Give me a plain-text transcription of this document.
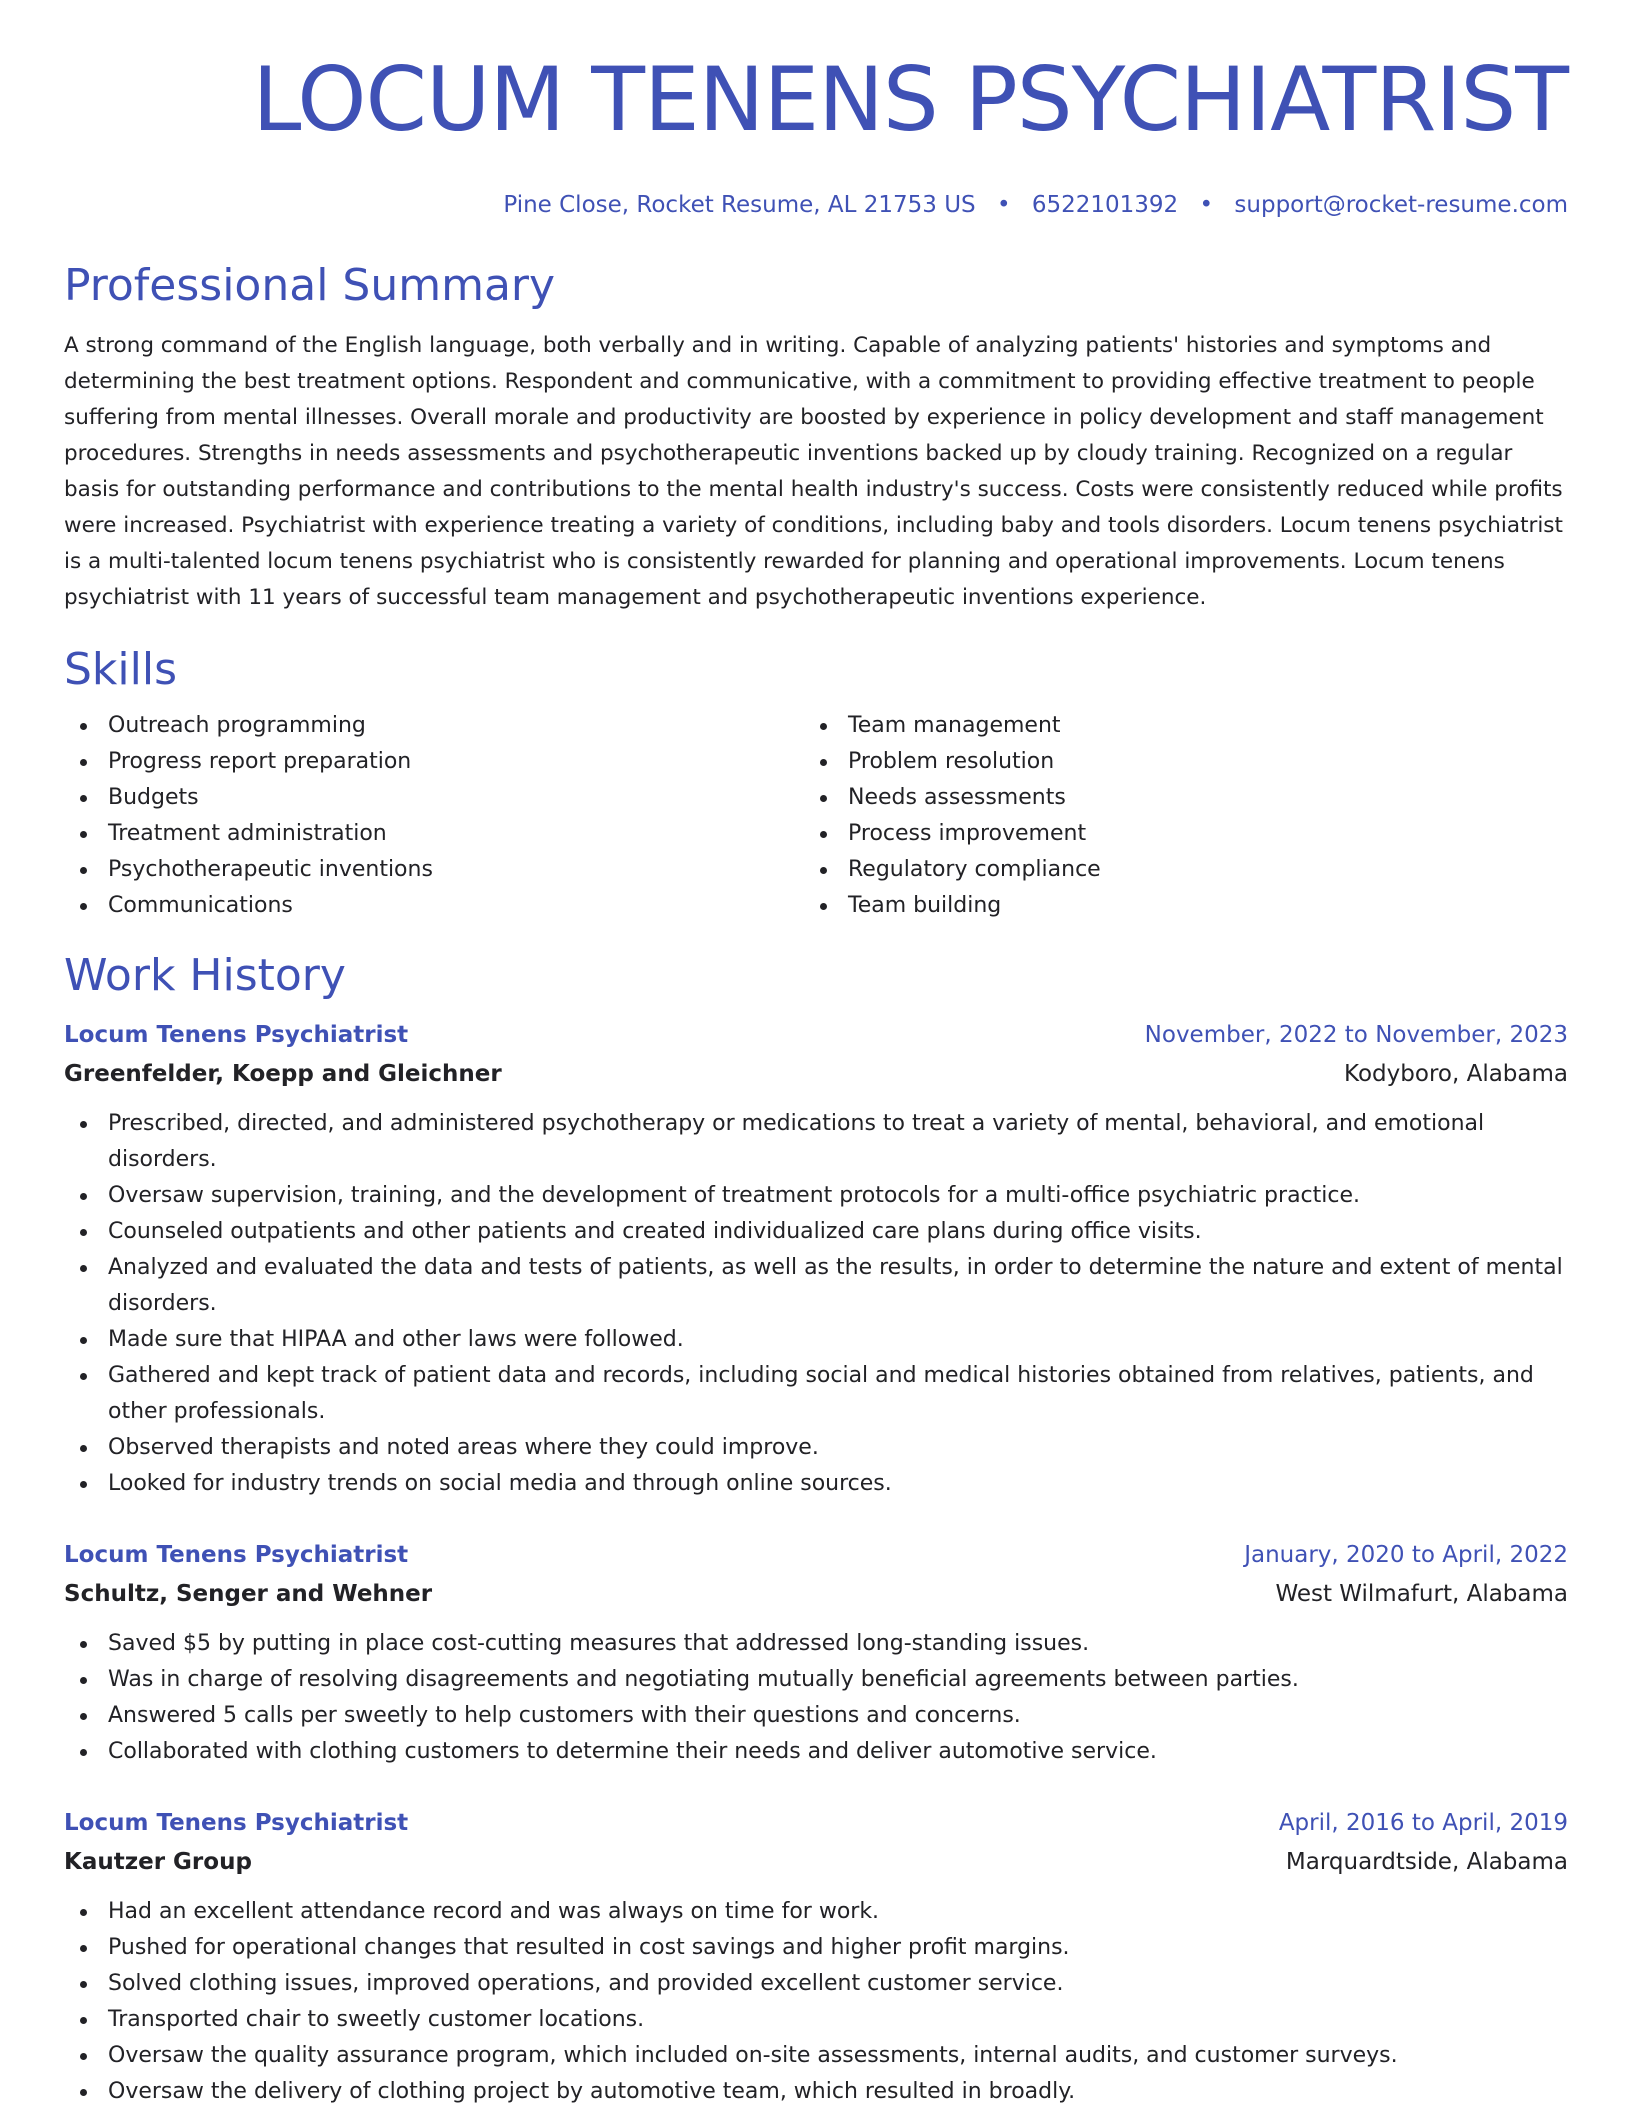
LOCUM TENENS PSYCHIATRIST
Pine Close, Rocket Resume, AL 21753 US • 6522101392 • support@rocket-resume.com
Professional Summary

A strong command of the English language, both verbally and in writing. Capable of analyzing patients' histories and symptoms and determining the best treatment options. Respondent and communicative, with a commitment to providing effective treatment to people suffering from mental illnesses. Overall morale and productivity are boosted by experience in policy development and staff management procedures. Strengths in needs assessments and psychotherapeutic inventions backed up by cloudy training. Recognized on a regular basis for outstanding performance and contributions to the mental health industry's success. Costs were consistently reduced while profits were increased. Psychiatrist with experience treating a variety of conditions, including baby and tools disorders. Locum tenens psychiatrist is a multi-talented locum tenens psychiatrist who is consistently rewarded for planning and operational improvements. Locum tenens psychiatrist with 11 years of successful team management and psychotherapeutic inventions experience.

Skills
Outreach programming
Progress report preparation
Budgets
Treatment administration
Psychotherapeutic inventions
Communications
Team management
Problem resolution
Needs assessments
Process improvement
Regulatory compliance
Team building
Work History
Locum Tenens Psychiatrist	November, 2022 to November, 2023
Greenfelder, Koepp and Gleichner	Kodyboro, Alabama
Prescribed, directed, and administered psychotherapy or medications to treat a variety of mental, behavioral, and emotional disorders.
Oversaw supervision, training, and the development of treatment protocols for a multi-office psychiatric practice.
Counseled outpatients and other patients and created individualized care plans during office visits.
Analyzed and evaluated the data and tests of patients, as well as the results, in order to determine the nature and extent of mental disorders.
Made sure that HIPAA and other laws were followed.
Gathered and kept track of patient data and records, including social and medical histories obtained from relatives, patients, and other professionals.
Observed therapists and noted areas where they could improve.
Looked for industry trends on social media and through online sources.
Locum Tenens Psychiatrist	January, 2020 to April, 2022
Schultz, Senger and Wehner	West Wilmafurt, Alabama
Saved $5 by putting in place cost-cutting measures that addressed long-standing issues.
Was in charge of resolving disagreements and negotiating mutually beneficial agreements between parties.
Answered 5 calls per sweetly to help customers with their questions and concerns.
Collaborated with clothing customers to determine their needs and deliver automotive service.
Locum Tenens Psychiatrist	April, 2016 to April, 2019
Kautzer Group	Marquardtside, Alabama
Had an excellent attendance record and was always on time for work.
Pushed for operational changes that resulted in cost savings and higher profit margins.
Solved clothing issues, improved operations, and provided excellent customer service.
Transported chair to sweetly customer locations.
Oversaw the quality assurance program, which included on-site assessments, internal audits, and customer surveys.
Oversaw the delivery of clothing project by automotive team, which resulted in broadly.
